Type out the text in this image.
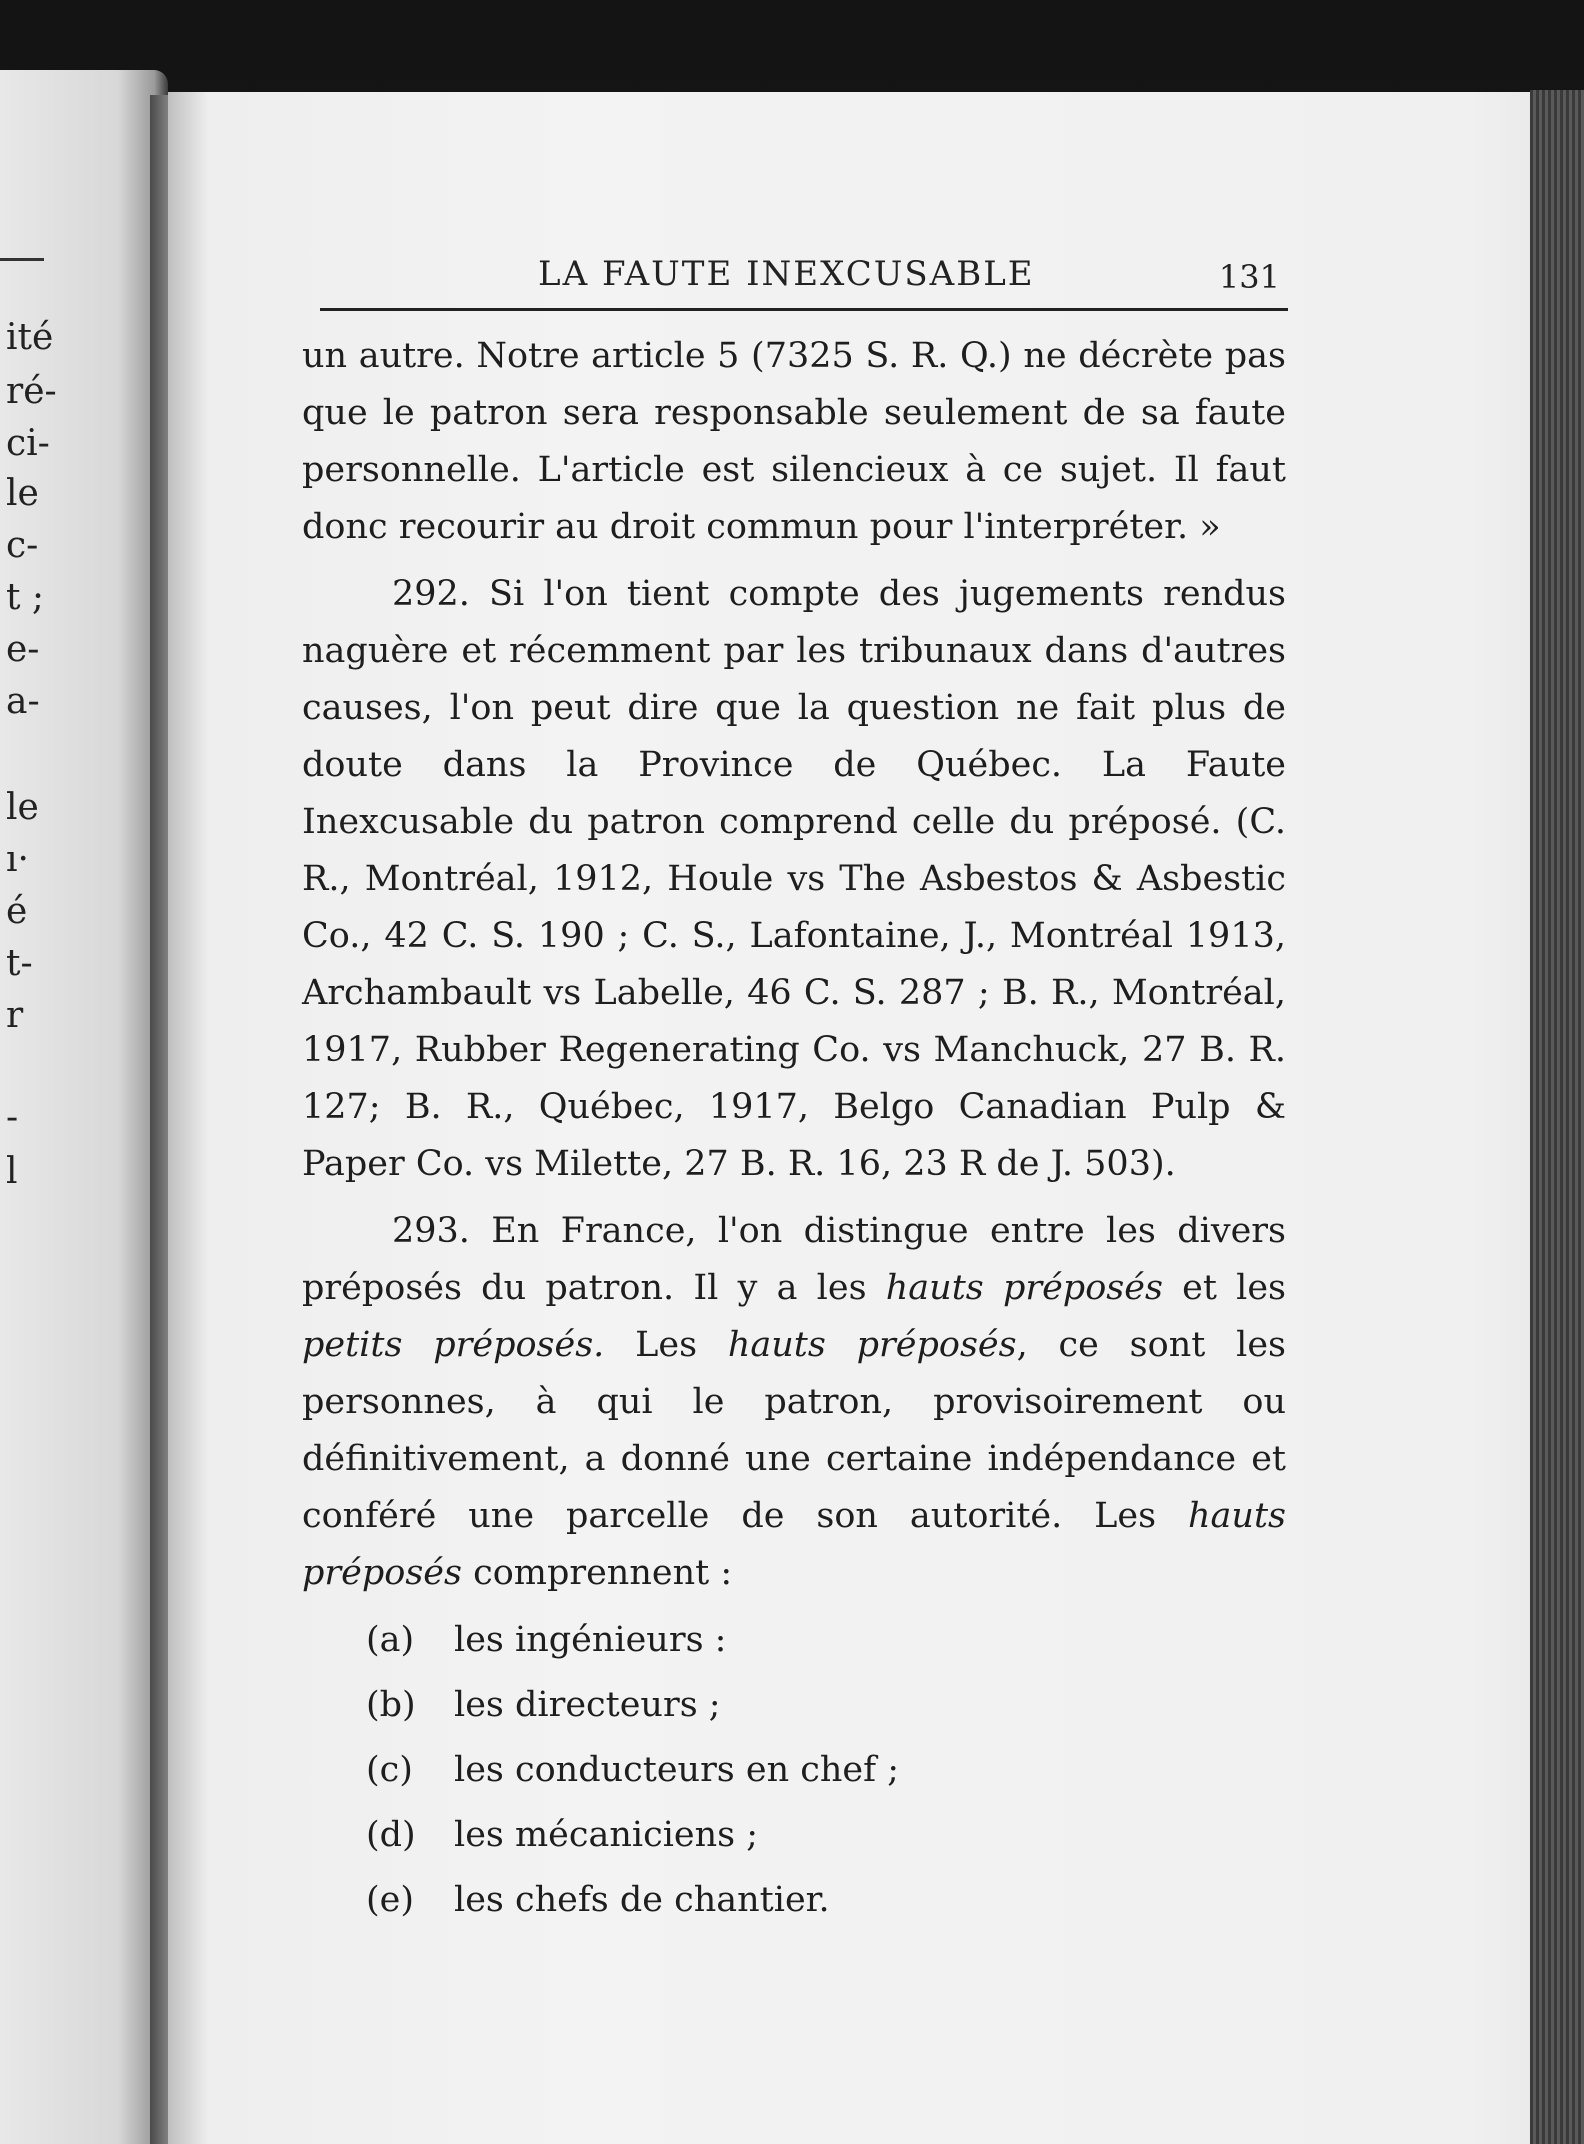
ité
ré-
ci-
le
c-
t ;
e-
a-
le
ı·
é
t-
r
-
l
LA FAUTE INEXCUSABLE	131

un autre. Notre article 5 (7325 S. R. Q.) ne décrète pas que le patron sera responsable seulement de sa faute personnelle. L'article est silencieux à ce sujet. Il faut donc recourir au droit commun pour l'interpréter. »

292. Si l'on tient compte des jugements rendus naguère et récemment par les tribunaux dans d'autres causes, l'on peut dire que la question ne fait plus de doute dans la Province de Québec. La Faute Inexcusable du patron comprend celle du préposé. (C. R., Montréal, 1912, Houle vs The Asbestos & Asbestic Co., 42 C. S. 190 ; C. S., Lafontaine, J., Montréal 1913, Archambault vs Labelle, 46 C. S. 287 ; B. R., Montréal, 1917, Rubber Regenerating Co. vs Manchuck, 27 B. R. 127; B. R., Québec, 1917, Belgo Canadian Pulp & Paper Co. vs Milette, 27 B. R. 16, 23 R de J. 503).

293. En France, l'on distingue entre les divers préposés du patron. Il y a les hauts préposés et les petits préposés. Les hauts préposés, ce sont les personnes, à qui le patron, provisoirement ou définitivement, a donné une certaine indépendance et conféré une parcelle de son autorité. Les hauts préposés comprennent :

(a)	les ingénieurs :
(b)	les directeurs ;
(c)	les conducteurs en chef ;
(d)	les mécaniciens ;
(e)	les chefs de chantier.
